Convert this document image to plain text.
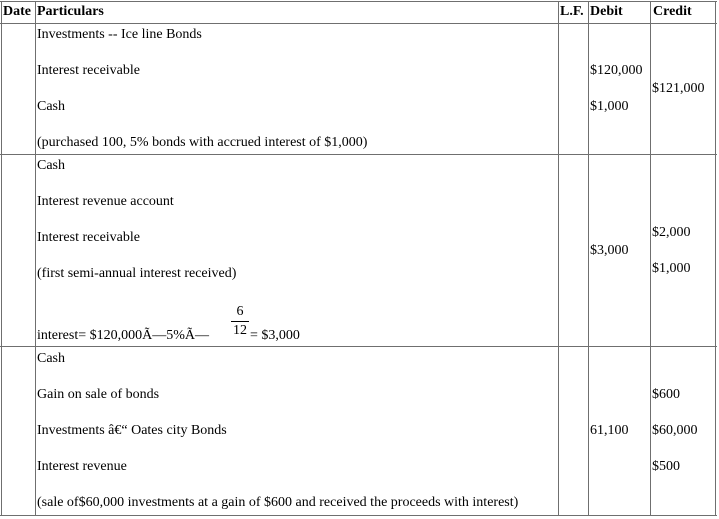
Date Particulars	L.F. Debit Credit
Investments -- Ice line Bonds
Interest receivable
Cash
(purchased 100, 5% bonds with accrued interest of $1,000)
$120,000
$1,000
$121,000
Cash
Interest revenue account
Interest receivable
(first semi-annual interest received)
interest= $120,000Ã—5%Ã—
6
12 = $3,000
$3,000
$2,000
$1,000
Cash
Gain on sale of bonds
Investments â€“ Oates city Bonds
Interest revenue
(sale of$60,000 investments at a gain of $600 and received the proceeds with interest)
61,100
$600
$60,000
$500
